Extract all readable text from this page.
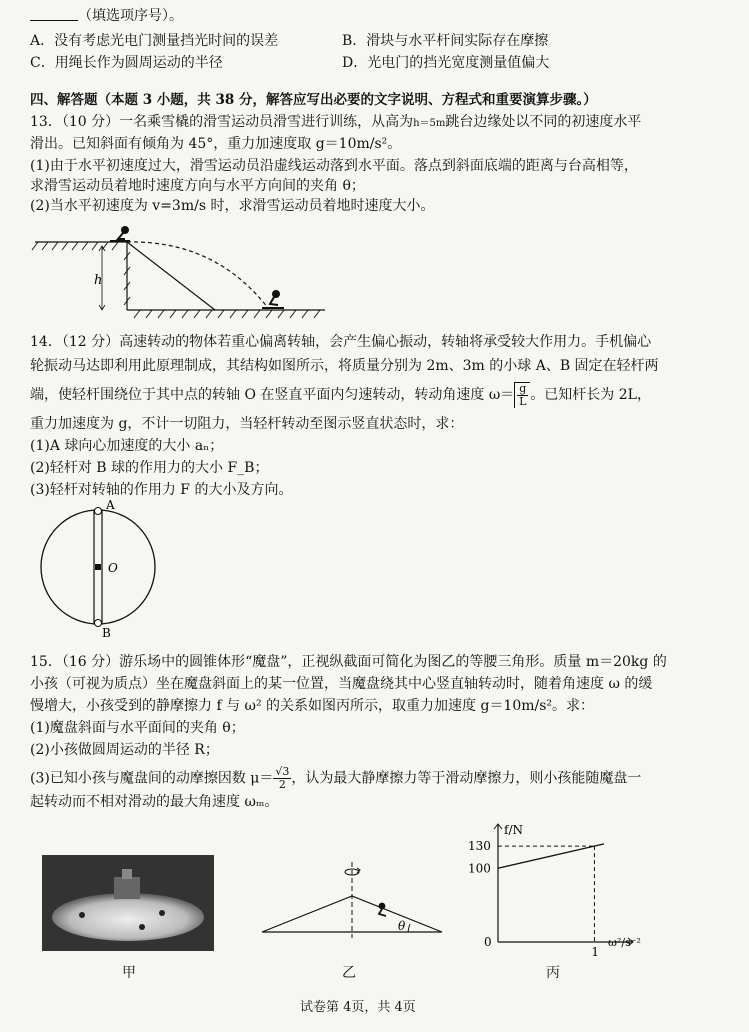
（填选项序号）。
A．没有考虑光电门测量挡光时间的误差	B．滑块与水平杆间实际存在摩擦
C．用绳长作为圆周运动的半径	D．光电门的挡光宽度测量值偏大
四、解答题（本题 3 小题，共 38 分，解答应写出必要的文字说明、方程式和重要演算步骤。）
13．（10 分）一名乘雪橇的滑雪运动员滑雪进行训练，从高为h＝5m跳台边缘处以不同的初速度水平
滑出。已知斜面有倾角为 45°，重力加速度取 g＝10m/s²。
(1)由于水平初速度过大，滑雪运动员沿虚线运动落到水平面。落点到斜面底端的距离与台高相等，
求滑雪运动员着地时速度方向与水平方向间的夹角 θ；
(2)当水平初速度为 v=3m/s 时，求滑雪运动员着地时速度大小。
h
14．（12 分）高速转动的物体若重心偏离转轴，会产生偏心振动，转轴将承受较大作用力。手机偏心
轮振动马达即利用此原理制成，其结构如图所示，将质量分别为 2m、3m 的小球 A、B 固定在轻杆两
端，使轻杆围绕位于其中点的转轴 O 在竖直平面内匀速转动，转动角速度 $\omega= \frac{g}{L}$ 。已知杆长为 2L，
重力加速度为 g，不计一切阻力，当轻杆转动至图示竖直状态时，求：
(1)A 球向心加速度的大小 aₙ；
(2)轻杆对 B 球的作用力的大小 F_B；
(3)轻杆对转轴的作用力 F 的大小及方向。
A
O
B
15．（16 分）游乐场中的圆锥体形“魔盘”，正视纵截面可简化为图乙的等腰三角形。质量 m＝20kg 的
小孩（可视为质点）坐在魔盘斜面上的某一位置，当魔盘绕其中心竖直轴转动时，随着角速度 ω 的缓
慢增大，小孩受到的静摩擦力 f 与 ω² 的关系如图丙所示，取重力加速度 g＝10m/s²。求：
(1)魔盘斜面与水平面间的夹角 θ；
(2)小孩做圆周运动的半径 R；
(3)已知小孩与魔盘间的动摩擦因数 $\mu= \frac{√3}{2}$ ，认为最大静摩擦力等于滑动摩擦力，则小孩能随魔盘一
起转动而不相对滑动的最大角速度 ωₘ。
甲
θ
乙
f/N
ω²/s⁻²
0
100
130
1
丙
试卷第 4页，共 4页
